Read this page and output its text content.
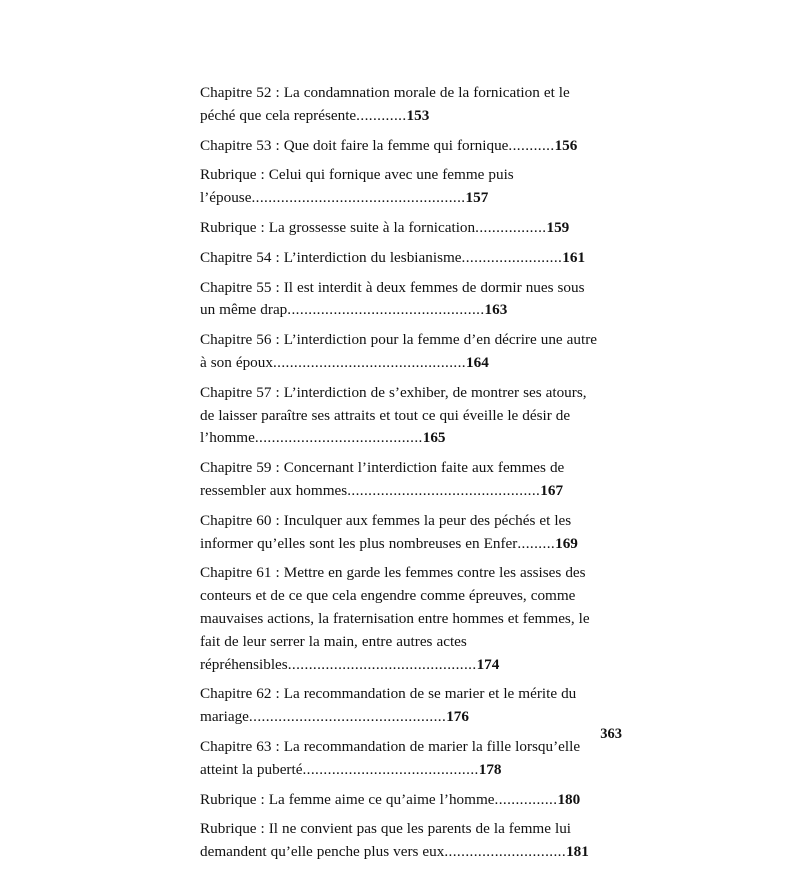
Chapitre 52 : La condamnation morale de la fornication et le péché que cela représente............153
Chapitre 53 : Que doit faire la femme qui fornique...........156
Rubrique : Celui qui fornique avec une femme puis l’épouse...................................................157
Rubrique : La grossesse suite à la fornication.................159
Chapitre 54 : L’interdiction du lesbianisme........................161
Chapitre 55 : Il est interdit à deux femmes de dormir nues sous un même drap...............................................163
Chapitre 56 : L’interdiction pour la femme d’en décrire une autre à son époux..............................................164
Chapitre 57 : L’interdiction de s’exhiber, de montrer ses atours, de laisser paraître ses attraits et tout ce qui éveille le désir de l’homme........................................165
Chapitre 59 : Concernant l’interdiction faite aux femmes de ressembler aux hommes..............................................167
Chapitre 60 : Inculquer aux femmes la peur des péchés et les informer qu’elles sont les plus nombreuses en Enfer.........169
Chapitre 61 : Mettre en garde les femmes contre les assises des conteurs et de ce que cela engendre comme épreuves, comme mauvaises actions, la fraternisation entre hommes et femmes, le fait de leur serrer la main, entre autres actes répréhensibles.............................................174
Chapitre 62 : La recommandation de se marier et le mérite du mariage...............................................176
Chapitre 63 : La recommandation de marier la fille lorsqu’elle atteint la puberté..........................................178
Rubrique : La femme aime ce qu’aime l’homme...............180
Rubrique : Il ne convient pas que les parents de la femme lui demandent qu’elle penche plus vers eux.............................181
363
